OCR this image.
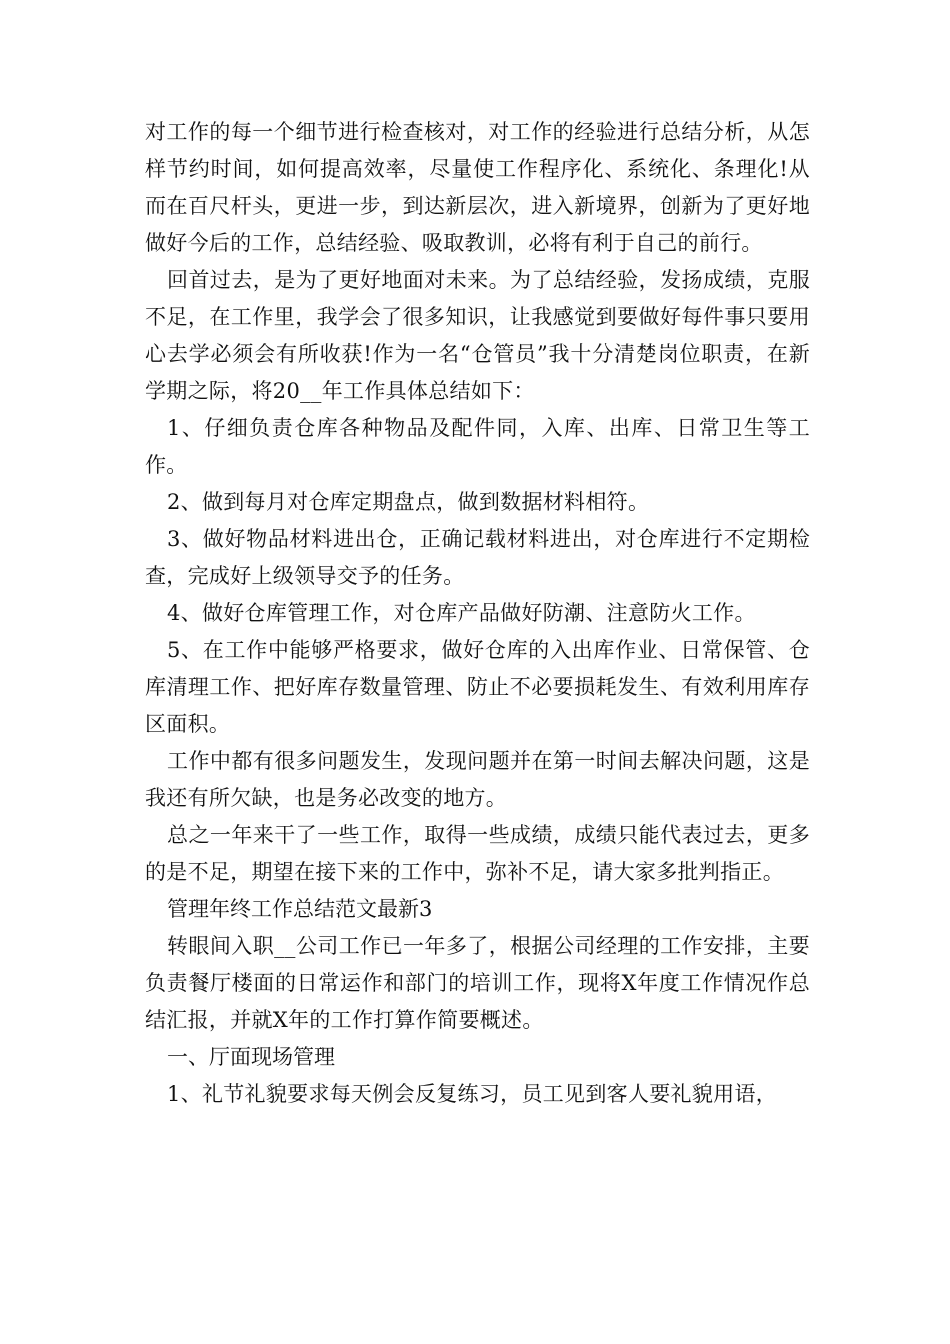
对工作的每一个细节进行检查核对，对工作的经验进行总结分析，从怎样节约时间，如何提高效率，尽量使工作程序化、系统化、条理化!从而在百尺杆头，更进一步，到达新层次，进入新境界，创新为了更好地做好今后的工作，总结经验、吸取教训，必将有利于自己的前行。

回首过去，是为了更好地面对未来。为了总结经验，发扬成绩，克服不足，在工作里，我学会了很多知识，让我感觉到要做好每件事只要用心去学必须会有所收获!作为一名“仓管员”我十分清楚岗位职责，在新学期之际，将20__年工作具体总结如下：

1、仔细负责仓库各种物品及配件同，入库、出库、日常卫生等工作。

2、做到每月对仓库定期盘点，做到数据材料相符。

3、做好物品材料进出仓，正确记载材料进出，对仓库进行不定期检查，完成好上级领导交予的任务。

4、做好仓库管理工作，对仓库产品做好防潮、注意防火工作。

5、在工作中能够严格要求，做好仓库的入出库作业、日常保管、仓库清理工作、把好库存数量管理、防止不必要损耗发生、有效利用库存区面积。

工作中都有很多问题发生，发现问题并在第一时间去解决问题，这是我还有所欠缺，也是务必改变的地方。

总之一年来干了一些工作，取得一些成绩，成绩只能代表过去，更多的是不足，期望在接下来的工作中，弥补不足，请大家多批判指正。

管理年终工作总结范文最新3

转眼间入职__公司工作已一年多了，根据公司经理的工作安排，主要负责餐厅楼面的日常运作和部门的培训工作，现将X年度工作情况作总结汇报，并就X年的工作打算作简要概述。

一、厅面现场管理

1、礼节礼貌要求每天例会反复练习，员工见到客人要礼貌用语，
